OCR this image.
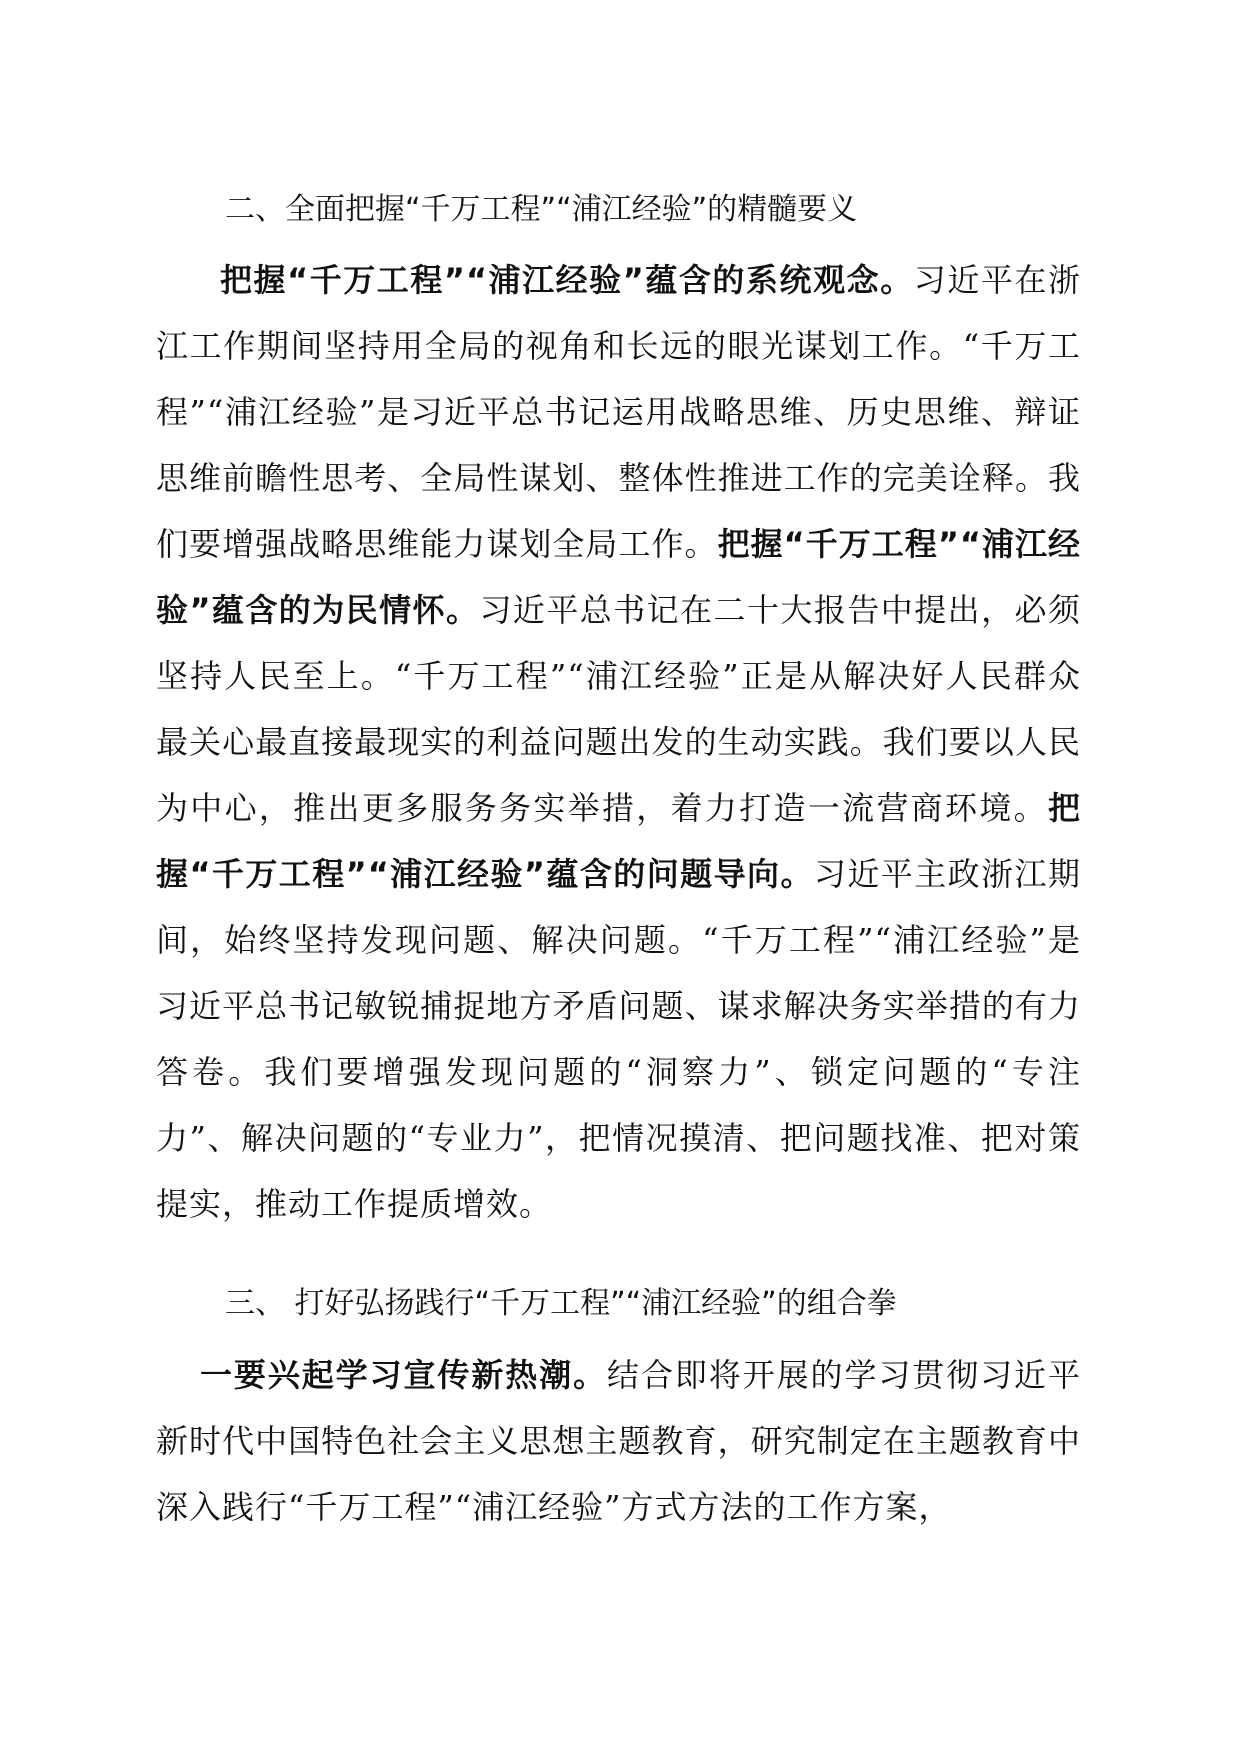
二、全面把握“千万工程”“浦江经验”的精髓要义
把握“千万工程”“浦江经验”蕴含的系统观念。习近平在浙江工作期间坚持用全局的视角和长远的眼光谋划工作。“千万工程”“浦江经验”是习近平总书记运用战略思维、历史思维、辩证思维前瞻性思考、全局性谋划、整体性推进工作的完美诠释。我们要增强战略思维能力谋划全局工作。把握“千万工程”“浦江经验”蕴含的为民情怀。习近平总书记在二十大报告中提出，必须坚持人民至上。“千万工程”“浦江经验”正是从解决好人民群众最关心最直接最现实的利益问题出发的生动实践。我们要以人民为中心，推出更多服务务实举措，着力打造一流营商环境。把握“千万工程”“浦江经验”蕴含的问题导向。习近平主政浙江期间，始终坚持发现问题、解决问题。“千万工程”“浦江经验”是习近平总书记敏锐捕捉地方矛盾问题、谋求解决务实举措的有力答卷。我们要增强发现问题的“洞察力”、锁定问题的“专注力”、解决问题的“专业力”，把情况摸清、把问题找准、把对策提实，推动工作提质增效。
三、 打好弘扬践行“千万工程”“浦江经验”的组合拳
一要兴起学习宣传新热潮。结合即将开展的学习贯彻习近平新时代中国特色社会主义思想主题教育，研究制定在主题教育中深入践行“千万工程”“浦江经验”方式方法的工作方案，
